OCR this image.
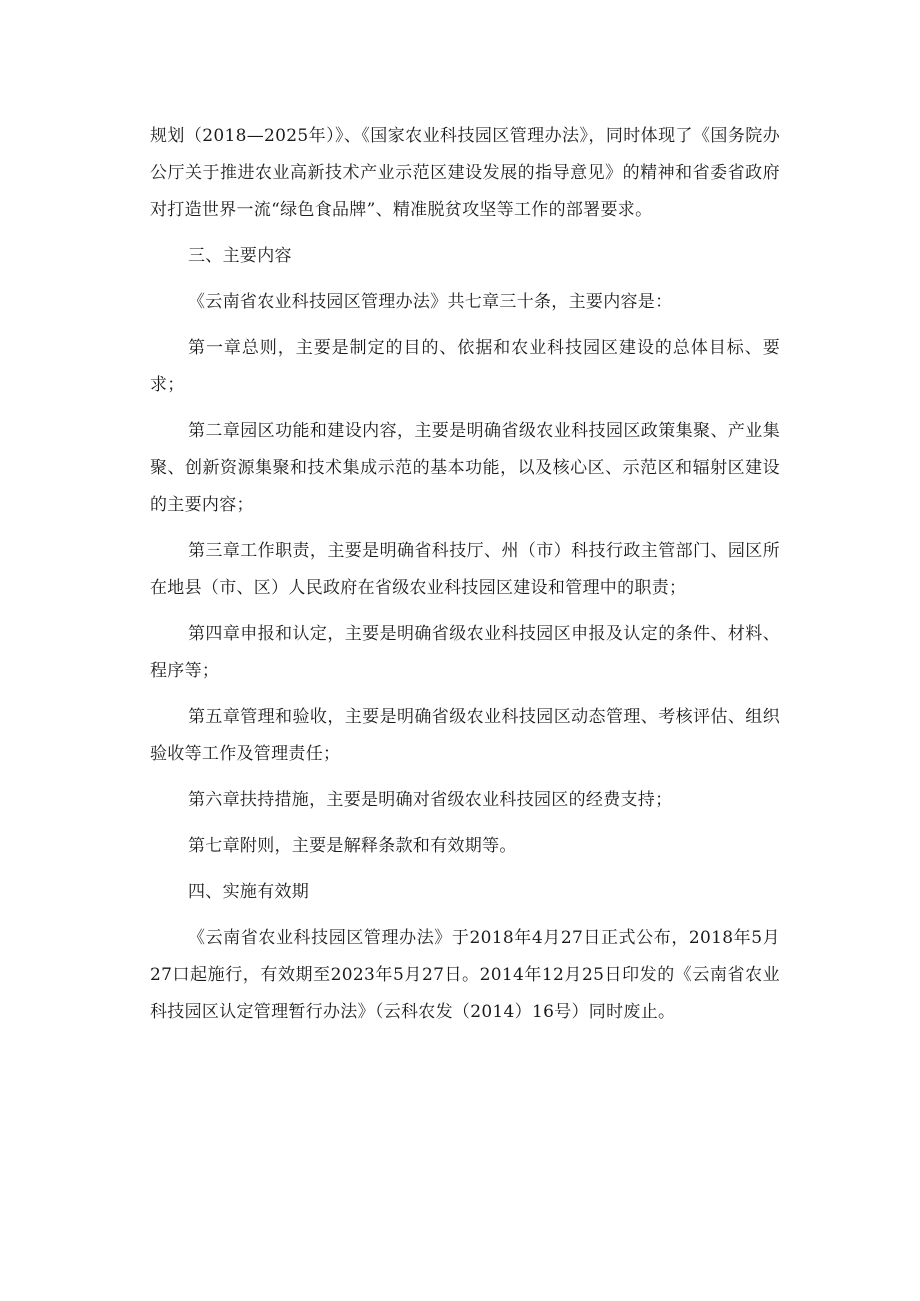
规划（2018—2025年）》、《国家农业科技园区管理办法》，同时体现了《国务院办公厅关于推进农业高新技术产业示范区建设发展的指导意见》的精神和省委省政府对打造世界一流“绿色食品牌”、精准脱贫攻坚等工作的部署要求。

三、主要内容

《云南省农业科技园区管理办法》共七章三十条，主要内容是：

第一章总则，主要是制定的目的、依据和农业科技园区建设的总体目标、要求；

第二章园区功能和建设内容，主要是明确省级农业科技园区政策集聚、产业集聚、创新资源集聚和技术集成示范的基本功能，以及核心区、示范区和辐射区建设的主要内容；

第三章工作职责，主要是明确省科技厅、州（市）科技行政主管部门、园区所在地县（市、区）人民政府在省级农业科技园区建设和管理中的职责；

第四章申报和认定，主要是明确省级农业科技园区申报及认定的条件、材料、程序等；

第五章管理和验收，主要是明确省级农业科技园区动态管理、考核评估、组织验收等工作及管理责任；

第六章扶持措施，主要是明确对省级农业科技园区的经费支持；

第七章附则，主要是解释条款和有效期等。

四、实施有效期

《云南省农业科技园区管理办法》于2018年4月27日正式公布，2018年5月27口起施行，有效期至2023年5月27日。2014年12月25日印发的《云南省农业科技园区认定管理暂行办法》（云科农发（2014）16号）同时废止。
